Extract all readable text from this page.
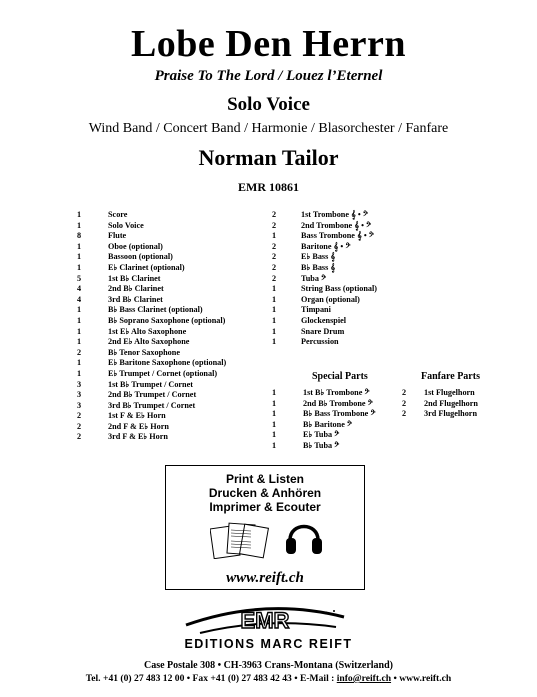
Lobe Den Herrn
Praise To The Lord / Louez l’Eternel
Solo Voice
Wind Band / Concert Band / Harmonie / Blasorchester / Fanfare
Norman Tailor
EMR 10861
1	Score
1	Solo Voice
8	Flute
1	Oboe (optional)
1	Bassoon (optional)
1	E♭ Clarinet (optional)
5	1st B♭ Clarinet
4	2nd B♭ Clarinet
4	3rd B♭ Clarinet
1	B♭ Bass Clarinet (optional)
1	B♭ Soprano Saxophone (optional)
1	1st E♭ Alto Saxophone
1	2nd E♭ Alto Saxophone
2	B♭ Tenor Saxophone
1	E♭ Baritone Saxophone (optional)
1	E♭ Trumpet / Cornet (optional)
3	1st B♭ Trumpet / Cornet
3	2nd B♭ Trumpet / Cornet
3	3rd B♭ Trumpet / Cornet
2	1st F & E♭ Horn
2	2nd F & E♭ Horn
2	3rd F & E♭ Horn
2	1st Trombone 𝄞 • 𝄢
2	2nd Trombone 𝄞 • 𝄢
1	Bass Trombone 𝄞 • 𝄢
2	Baritone 𝄞 • 𝄢
2	E♭ Bass 𝄞
2	B♭ Bass 𝄞
2	Tuba 𝄢
1	String Bass (optional)
1	Organ (optional)
1	Timpani
1	Glockenspiel
1	Snare Drum
1	Percussion
Special Parts	Fanfare Parts
1	1st B♭ Trombone 𝄢
1	2nd B♭ Trombone 𝄢
1	B♭ Bass Trombone 𝄢
1	B♭ Baritone 𝄢
1	E♭ Tuba 𝄢
1	B♭ Tuba 𝄢
2	1st Flugelhorn
2	2nd Flugelhorn
2	3rd Flugelhorn
Print & Listen
Drucken & Anhören
Imprimer & Ecouter
www.reift.ch
EMR
EDITIONS MARC REIFT
Case Postale 308 • CH-3963 Crans-Montana (Switzerland)
Tel. +41 (0) 27 483 12 00 • Fax +41 (0) 27 483 42 43 • E-Mail : info@reift.ch • www.reift.ch
